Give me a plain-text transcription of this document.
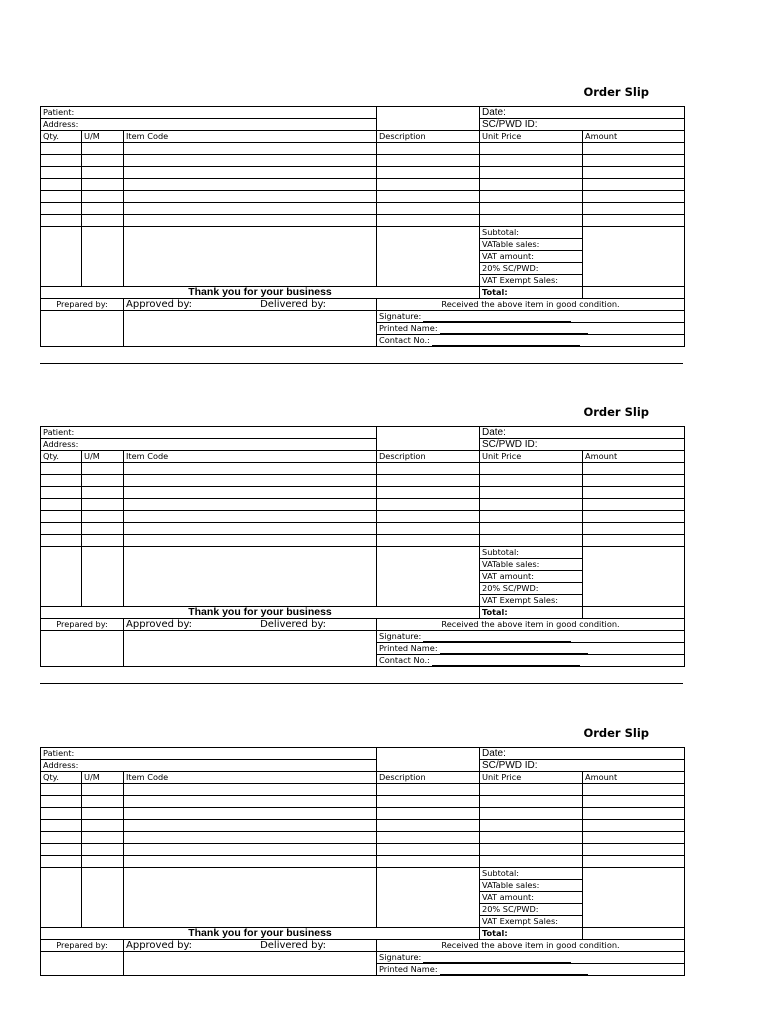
Order Slip
Patient:				Date:	
Address:				SC/PWD ID:	
Qty.	U/M	Item Code	Description	Unit Price	Amount

				Subtotal:	
				VATable sales:	
				VAT amount:	
				20% SC/PWD:	
				VAT Exempt Sales:	
Thank you for your business				Total:	
Prepared by:		Approved by: Delivered by:	Received the above item in good condition.		
			Signature:		
			Printed Name:		
			Contact No.:		
Order Slip
Patient:				Date:	
Address:				SC/PWD ID:	
Qty.	U/M	Item Code	Description	Unit Price	Amount

				Subtotal:	
				VATable sales:	
				VAT amount:	
				20% SC/PWD:	
				VAT Exempt Sales:	
Thank you for your business				Total:	
Prepared by:		Approved by: Delivered by:	Received the above item in good condition.		
			Signature:		
			Printed Name:		
			Contact No.:		
Order Slip
Patient:				Date:	
Address:				SC/PWD ID:	
Qty.	U/M	Item Code	Description	Unit Price	Amount

				Subtotal:	
				VATable sales:	
				VAT amount:	
				20% SC/PWD:	
				VAT Exempt Sales:	
Thank you for your business				Total:	
Prepared by:		Approved by: Delivered by:	Received the above item in good condition.		
			Signature:		
			Printed Name:		
